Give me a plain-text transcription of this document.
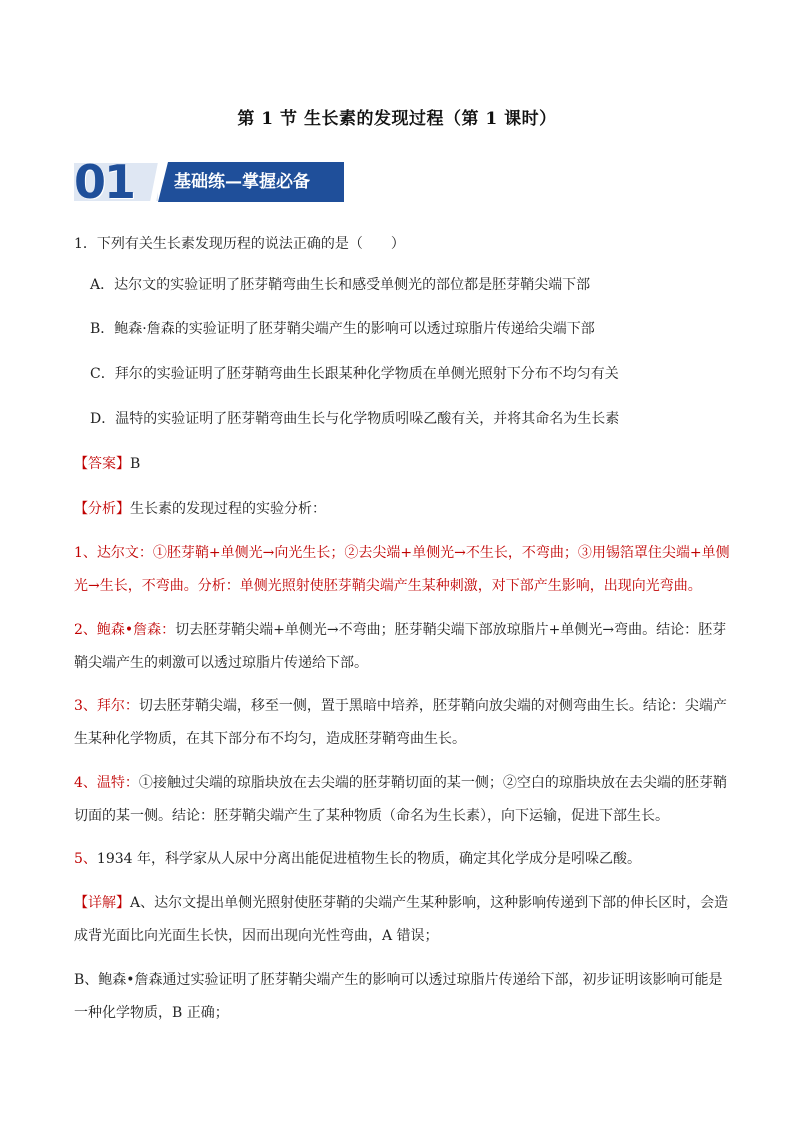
第 1 节 生长素的发现过程（第 1 课时）
01	基础练—掌握必备
1．下列有关生长素发现历程的说法正确的是（　　）
A．达尔文的实验证明了胚芽鞘弯曲生长和感受单侧光的部位都是胚芽鞘尖端下部
B．鲍森·詹森的实验证明了胚芽鞘尖端产生的影响可以透过琼脂片传递给尖端下部
C．拜尔的实验证明了胚芽鞘弯曲生长跟某种化学物质在单侧光照射下分布不均匀有关
D．温特的实验证明了胚芽鞘弯曲生长与化学物质吲哚乙酸有关，并将其命名为生长素
【答案】B
【分析】生长素的发现过程的实验分析：
1、达尔文：①胚芽鞘+单侧光→向光生长；②去尖端+单侧光→不生长，不弯曲；③用锡箔罩住尖端+单侧光→生长，不弯曲。分析：单侧光照射使胚芽鞘尖端产生某种刺激，对下部产生影响，出现向光弯曲。
2、鲍森•詹森：切去胚芽鞘尖端+单侧光→不弯曲；胚芽鞘尖端下部放琼脂片+单侧光→弯曲。结论：胚芽鞘尖端产生的刺激可以透过琼脂片传递给下部。
3、拜尔：切去胚芽鞘尖端，移至一侧，置于黑暗中培养，胚芽鞘向放尖端的对侧弯曲生长。结论：尖端产生某种化学物质，在其下部分布不均匀，造成胚芽鞘弯曲生长。
4、温特：①接触过尖端的琼脂块放在去尖端的胚芽鞘切面的某一侧；②空白的琼脂块放在去尖端的胚芽鞘切面的某一侧。结论：胚芽鞘尖端产生了某种物质（命名为生长素），向下运输，促进下部生长。
5、1934 年，科学家从人尿中分离出能促进植物生长的物质，确定其化学成分是吲哚乙酸。
【详解】A、达尔文提出单侧光照射使胚芽鞘的尖端产生某种影响，这种影响传递到下部的伸长区时，会造成背光面比向光面生长快，因而出现向光性弯曲，A 错误；
B、鲍森•詹森通过实验证明了胚芽鞘尖端产生的影响可以透过琼脂片传递给下部，初步证明该影响可能是一种化学物质，B 正确；
